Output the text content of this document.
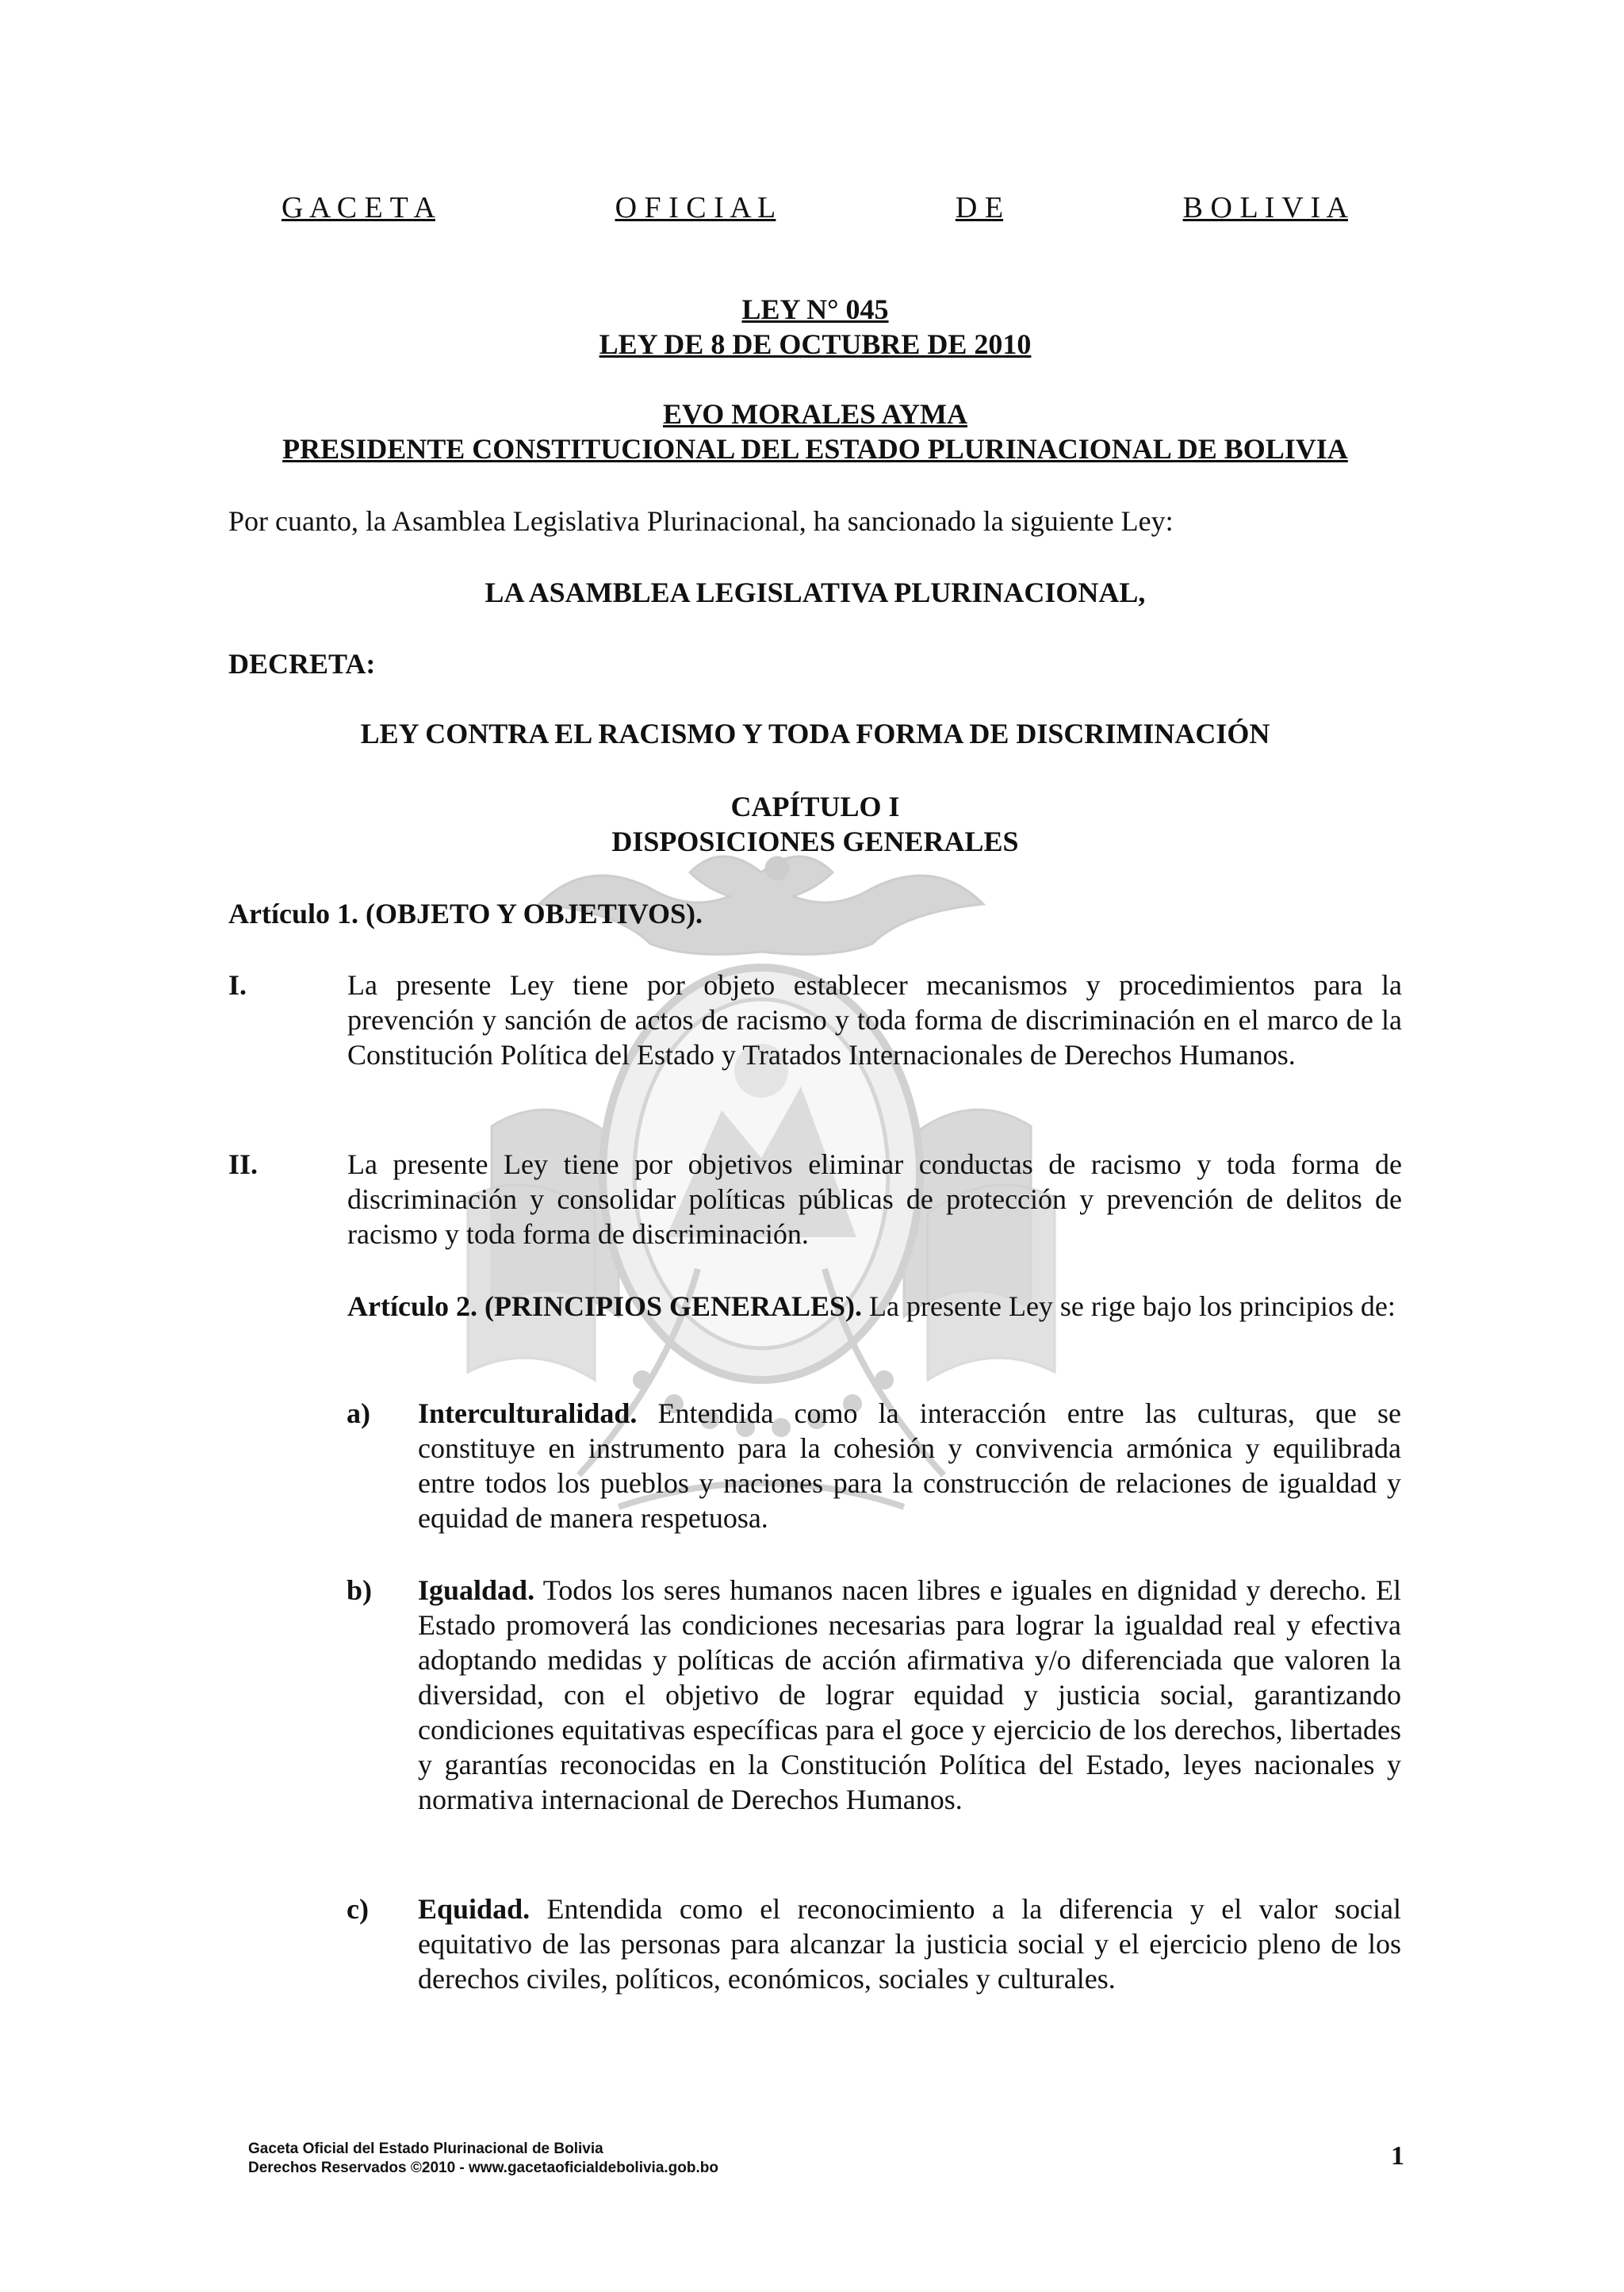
G A C E T A	O F I C I A L	D E	B O L I V I A
LEY N° 045
LEY DE 8 DE OCTUBRE DE 2010
EVO MORALES AYMA
PRESIDENTE CONSTITUCIONAL DEL ESTADO PLURINACIONAL DE BOLIVIA
Por cuanto, la Asamblea Legislativa Plurinacional, ha sancionado la siguiente Ley:
LA ASAMBLEA LEGISLATIVA PLURINACIONAL,
DECRETA:
LEY CONTRA EL RACISMO Y TODA FORMA DE DISCRIMINACIÓN
CAPÍTULO I
DISPOSICIONES GENERALES
Artículo 1. (OBJETO Y OBJETIVOS).
I.	La presente Ley tiene por objeto establecer mecanismos y procedimientos para la prevención y sanción de actos de racismo y toda forma de discriminación en el marco de la Constitución Política del Estado y Tratados Internacionales de Derechos Humanos.
II.	La presente Ley tiene por objetivos eliminar conductas de racismo y toda forma de discriminación y consolidar políticas públicas de protección y prevención de delitos de racismo y toda forma de discriminación.
Artículo 2. (PRINCIPIOS GENERALES). La presente Ley se rige bajo los principios de:
a) Interculturalidad. Entendida como la interacción entre las culturas, que se constituye en instrumento para la cohesión y convivencia armónica y equilibrada entre todos los pueblos y naciones para la construcción de relaciones de igualdad y equidad de manera respetuosa.
b) Igualdad. Todos los seres humanos nacen libres e iguales en dignidad y derecho. El Estado promoverá las condiciones necesarias para lograr la igualdad real y efectiva adoptando medidas y políticas de acción afirmativa y/o diferenciada que valoren la diversidad, con el objetivo de lograr equidad y justicia social, garantizando condiciones equitativas específicas para el goce y ejercicio de los derechos, libertades y garantías reconocidas en la Constitución Política del Estado, leyes nacionales y normativa internacional de Derechos Humanos.
c) Equidad. Entendida como el reconocimiento a la diferencia y el valor social equitativo de las personas para alcanzar la justicia social y el ejercicio pleno de los derechos civiles, políticos, económicos, sociales y culturales.
Gaceta Oficial del Estado Plurinacional de Bolivia
Derechos Reservados ©2010 - www.gacetaoficialdebolivia.gob.bo	1
